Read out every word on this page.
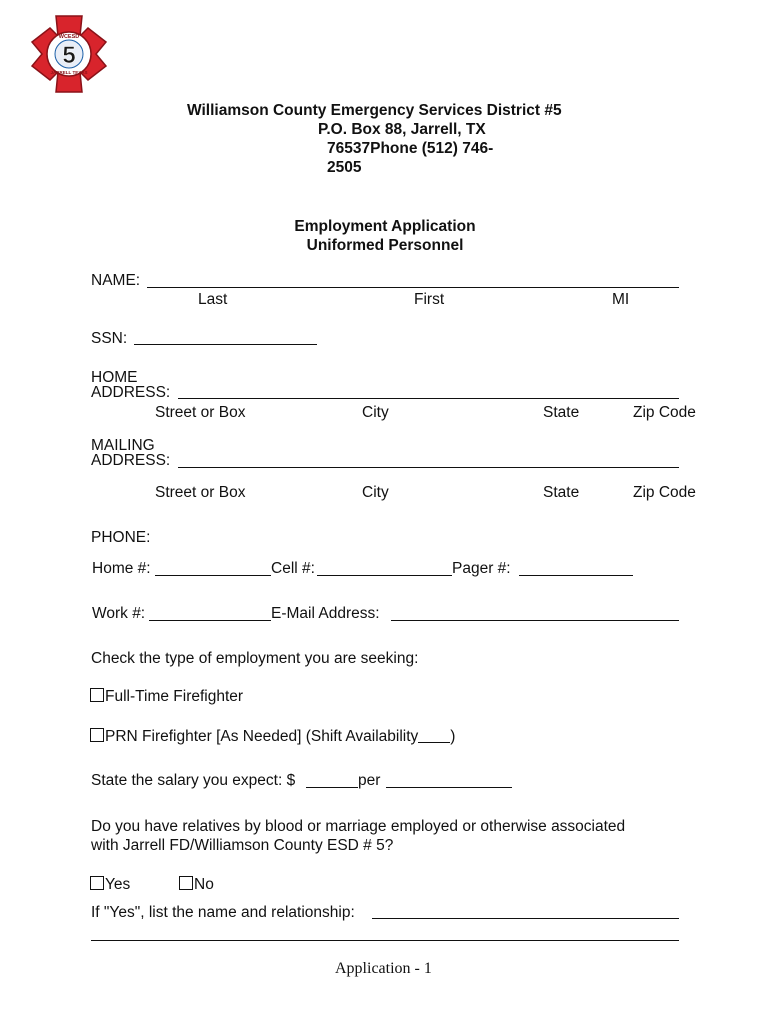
5
WCESD
JARRELL TEXAS
Williamson County Emergency Services District #5
P.O. Box 88, Jarrell, TX
76537Phone (512) 746-
2505
Employment Application
Uniformed Personnel
NAME:
Last	First	MI
SSN:
HOME
ADDRESS:
Street or Box	City	State	Zip Code
MAILING
ADDRESS:
Street or Box	City	State	Zip Code
PHONE:
Home #:	Cell #:	Pager #:
Work #:	E-Mail Address:
Check the type of employment you are seeking:
Full-Time Firefighter
PRN Firefighter [As Needed] (Shift Availability )
State the salary you expect: $	per
Do you have relatives by blood or marriage employed or otherwise associated
with Jarrell FD/Williamson County ESD # 5?
Yes	No
If "Yes", list the name and relationship:
Application - 1
